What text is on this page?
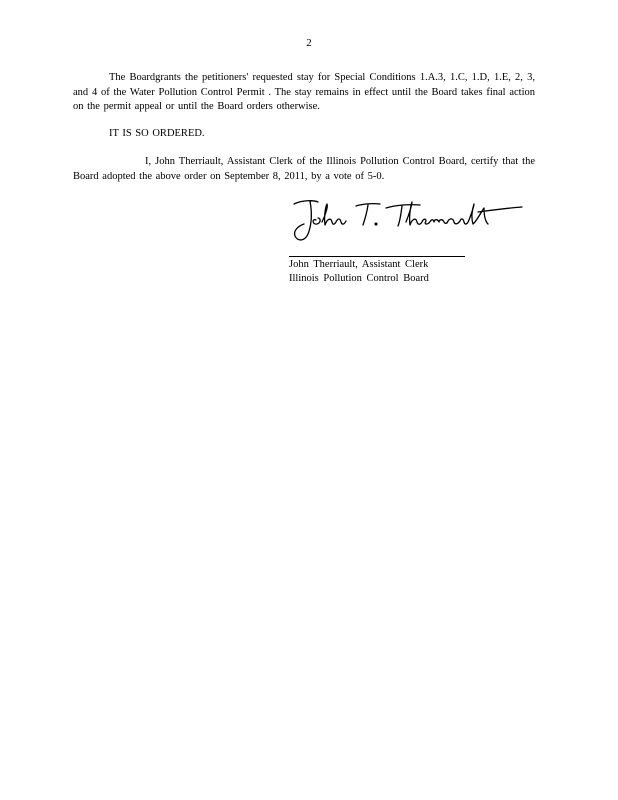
2

The Boardgrants the petitioners' requested stay for Special Conditions 1.A.3, 1.C, 1.D, 1.E, 2, 3, and 4 of the Water Pollution Control Permit . The stay remains in effect until the Board takes final action on the permit appeal or until the Board orders otherwise.

IT IS SO ORDERED.

I, John Therriault, Assistant Clerk of the Illinois Pollution Control Board, certify that the Board adopted the above order on September 8, 2011, by a vote of 5-0.

John Therriault, Assistant Clerk
Illinois Pollution Control Board
